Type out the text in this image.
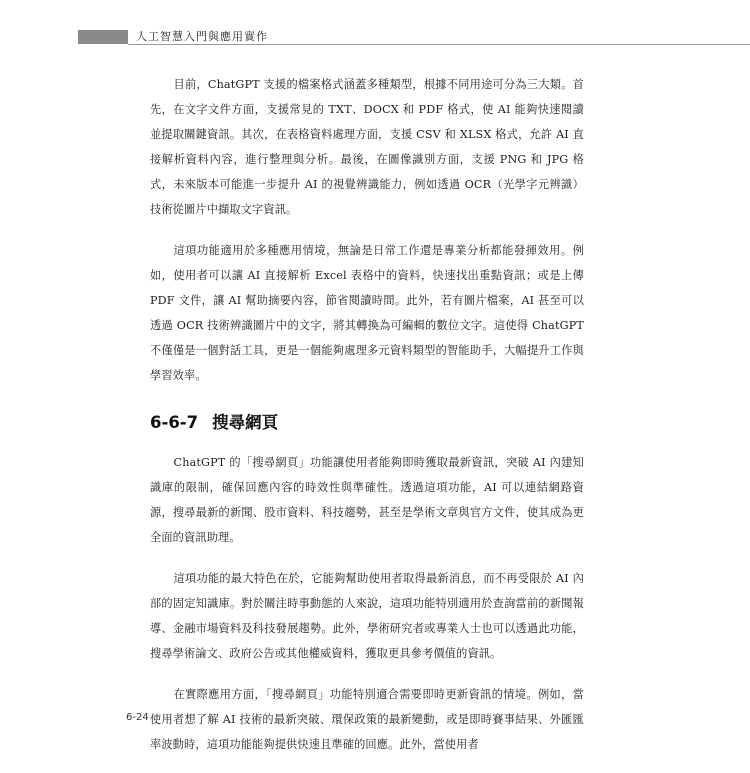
人工智慧入門與應用實作

目前，ChatGPT 支援的檔案格式涵蓋多種類型，根據不同用途可分為三大類。首先，在文字文件方面，支援常見的 TXT、DOCX 和 PDF 格式，使 AI 能夠快速閱讀並提取關鍵資訊。其次，在表格資料處理方面，支援 CSV 和 XLSX 格式，允許 AI 直接解析資料內容，進行整理與分析。最後，在圖像識別方面，支援 PNG 和 JPG 格式，未來版本可能進一步提升 AI 的視覺辨識能力，例如透過 OCR（光學字元辨識）技術從圖片中擷取文字資訊。

這項功能適用於多種應用情境，無論是日常工作還是專業分析都能發揮效用。例如，使用者可以讓 AI 直接解析 Excel 表格中的資料，快速找出重點資訊；或是上傳 PDF 文件，讓 AI 幫助摘要內容，節省閱讀時間。此外，若有圖片檔案，AI 甚至可以透過 OCR 技術辨識圖片中的文字，將其轉換為可編輯的數位文字。這使得 ChatGPT 不僅僅是一個對話工具，更是一個能夠處理多元資料類型的智能助手，大幅提升工作與學習效率。

6-6-7 搜尋網頁

ChatGPT 的「搜尋網頁」功能讓使用者能夠即時獲取最新資訊，突破 AI 內建知識庫的限制，確保回應內容的時效性與準確性。透過這項功能，AI 可以連結網路資源，搜尋最新的新聞、股市資料、科技趨勢，甚至是學術文章與官方文件，使其成為更全面的資訊助理。

這項功能的最大特色在於，它能夠幫助使用者取得最新消息，而不再受限於 AI 內部的固定知識庫。對於關注時事動態的人來說，這項功能特別適用於查詢當前的新聞報導、金融市場資料及科技發展趨勢。此外，學術研究者或專業人士也可以透過此功能，搜尋學術論文、政府公告或其他權威資料，獲取更具參考價值的資訊。

在實際應用方面，「搜尋網頁」功能特別適合需要即時更新資訊的情境。例如，當使用者想了解 AI 技術的最新突破、環保政策的最新變動，或是即時賽事結果、外匯匯率波動時，這項功能能夠提供快速且準確的回應。此外，當使用者

6-24
